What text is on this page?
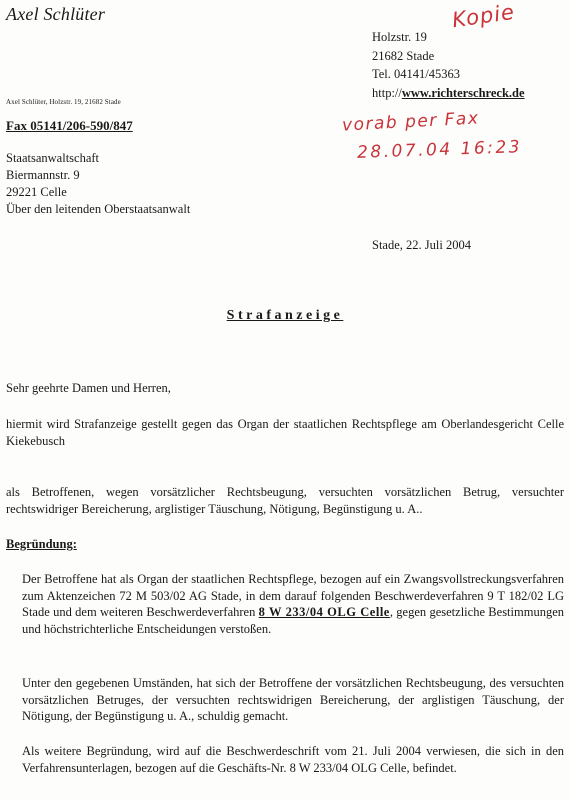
Axel Schlüter	Kopie
Holzstr. 19
21682 Stade
Tel. 04141/45363
http://www.richterschreck.de
Axel Schlüter, Holzstr. 19, 21682 Stade
Fax 05141/206-590/847	vorab per Fax
28.07.04 16:23
Staatsanwaltschaft
Biermannstr. 9
29221 Celle
Über den leitenden Oberstaatsanwalt
Stade, 22. Juli 2004
Strafanzeige
Sehr geehrte Damen und Herren,
hiermit wird Strafanzeige gestellt gegen das Organ der staatlichen Rechtspflege am Oberlandesgericht Celle Kiekebusch
als Betroffenen, wegen vorsätzlicher Rechtsbeugung, versuchten vorsätzlichen Betrug, versuchter rechtswidriger Bereicherung, arglistiger Täuschung, Nötigung, Begünstigung u. A..
Begründung:
Der Betroffene hat als Organ der staatlichen Rechtspflege, bezogen auf ein Zwangsvollstreckungsverfahren zum Aktenzeichen 72 M 503/02 AG Stade, in dem darauf folgenden Beschwerdeverfahren 9 T 182/02 LG Stade und dem weiteren Beschwerdeverfahren 8 W 233/04 OLG Celle, gegen gesetzliche Bestimmungen und höchstrichterliche Entscheidungen verstoßen.
Unter den gegebenen Umständen, hat sich der Betroffene der vorsätzlichen Rechtsbeugung, des versuchten vorsätzlichen Betruges, der versuchten rechtswidrigen Bereicherung, der arglistigen Täuschung, der Nötigung, der Begünstigung u. A., schuldig gemacht.
Als weitere Begründung, wird auf die Beschwerdeschrift vom 21. Juli 2004 verwiesen, die sich in den Verfahrensunterlagen, bezogen auf die Geschäfts-Nr. 8 W 233/04 OLG Celle, befindet.
